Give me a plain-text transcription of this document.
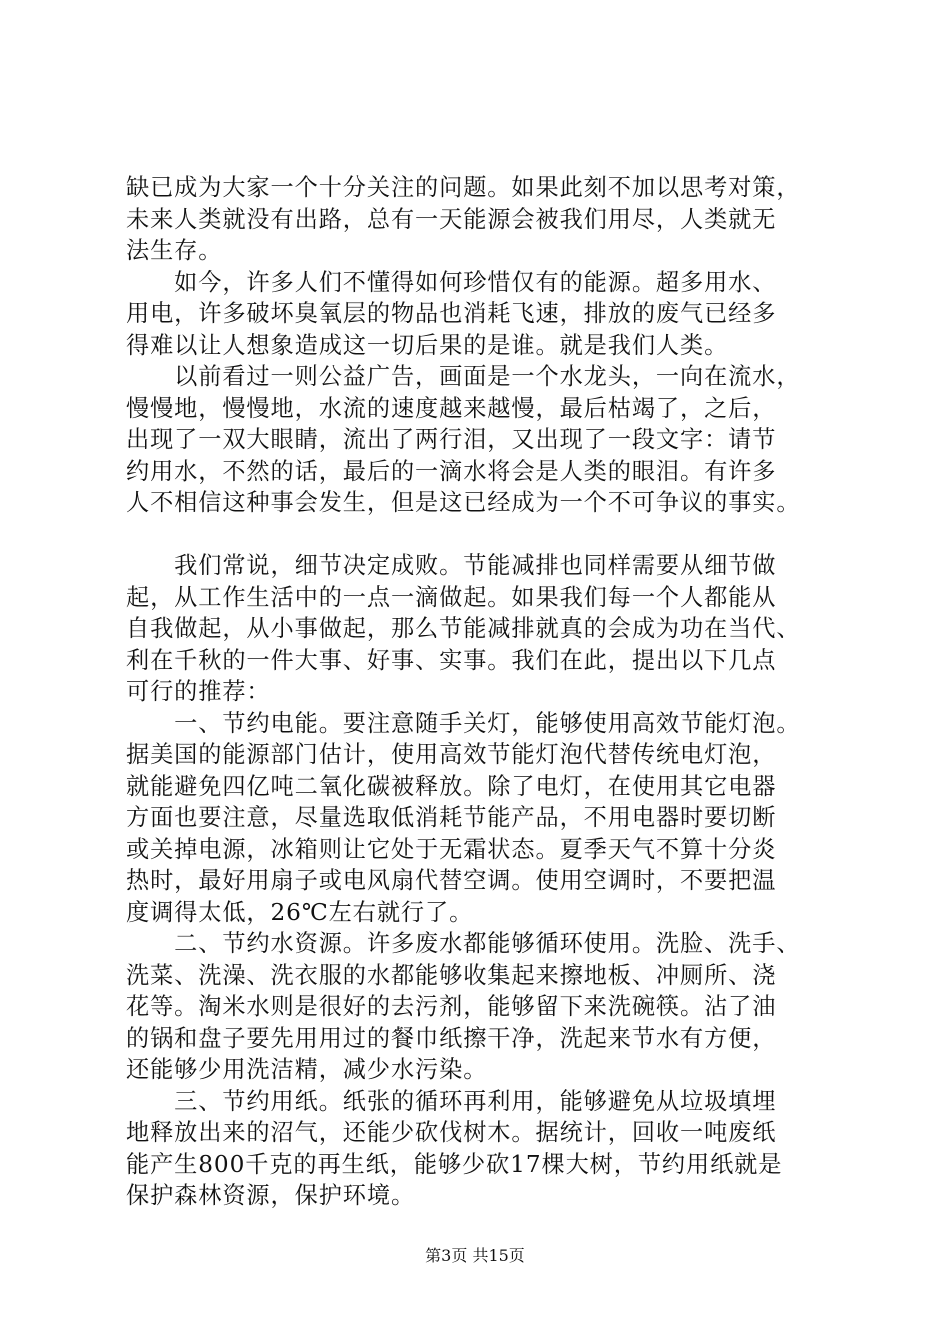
缺已成为大家一个十分关注的问题。如果此刻不加以思考对策，
未来人类就没有出路，总有一天能源会被我们用尽，人类就无
法生存。
　　如今，许多人们不懂得如何珍惜仅有的能源。超多用水、
用电，许多破坏臭氧层的物品也消耗飞速，排放的废气已经多
得难以让人想象造成这一切后果的是谁。就是我们人类。
　　以前看过一则公益广告，画面是一个水龙头，一向在流水，
慢慢地，慢慢地，水流的速度越来越慢，最后枯竭了，之后，
出现了一双大眼睛，流出了两行泪，又出现了一段文字：请节
约用水，不然的话，最后的一滴水将会是人类的眼泪。有许多
人不相信这种事会发生，但是这已经成为一个不可争议的事实。
　　我们常说，细节决定成败。节能减排也同样需要从细节做
起，从工作生活中的一点一滴做起。如果我们每一个人都能从
自我做起，从小事做起，那么节能减排就真的会成为功在当代、
利在千秋的一件大事、好事、实事。我们在此，提出以下几点
可行的推荐：
　　一、节约电能。要注意随手关灯，能够使用高效节能灯泡。
据美国的能源部门估计，使用高效节能灯泡代替传统电灯泡，
就能避免四亿吨二氧化碳被释放。除了电灯，在使用其它电器
方面也要注意，尽量选取低消耗节能产品，不用电器时要切断
或关掉电源，冰箱则让它处于无霜状态。夏季天气不算十分炎
热时，最好用扇子或电风扇代替空调。使用空调时，不要把温
度调得太低，26℃左右就行了。
　　二、节约水资源。许多废水都能够循环使用。洗脸、洗手、
洗菜、洗澡、洗衣服的水都能够收集起来擦地板、冲厕所、浇
花等。淘米水则是很好的去污剂，能够留下来洗碗筷。沾了油
的锅和盘子要先用用过的餐巾纸擦干净，洗起来节水有方便，
还能够少用洗洁精，减少水污染。
　　三、节约用纸。纸张的循环再利用，能够避免从垃圾填埋
地释放出来的沼气，还能少砍伐树木。据统计，回收一吨废纸
能产生800千克的再生纸，能够少砍17棵大树，节约用纸就是
保护森林资源，保护环境。
第3页 共15页
